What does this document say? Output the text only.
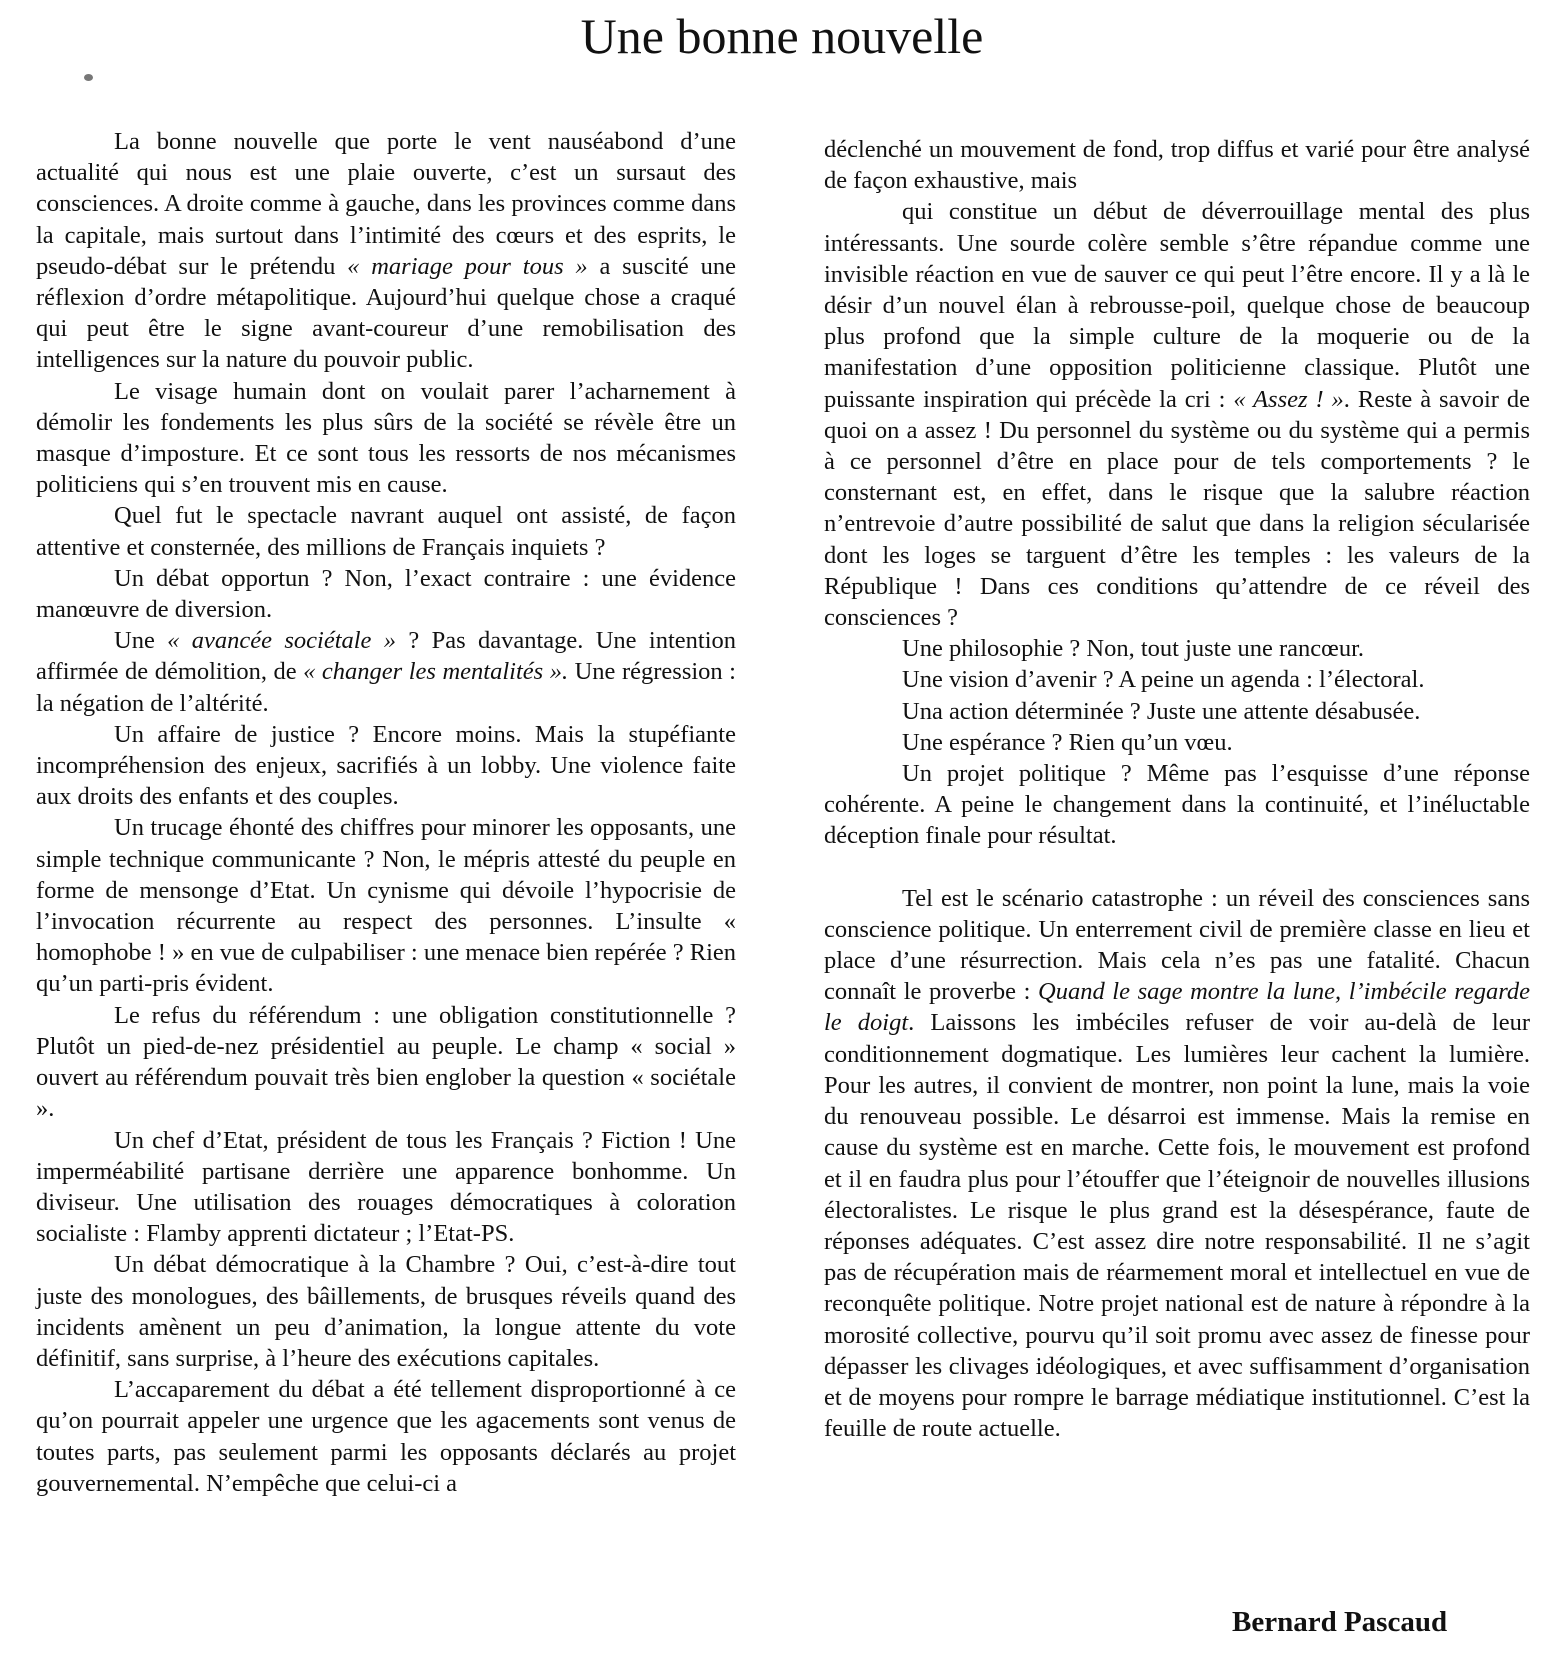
Une bonne nouvelle

La bonne nouvelle que porte le vent nauséabond d’une actualité qui nous est une plaie ouverte, c’est un sursaut des consciences. A droite comme à gauche, dans les provinces comme dans la capitale, mais surtout dans l’intimité des cœurs et des esprits, le pseudo-débat sur le prétendu « mariage pour tous » a suscité une réflexion d’ordre métapolitique. Aujourd’hui quelque chose a craqué qui peut être le signe avant-coureur d’une remobilisation des intelligences sur la nature du pouvoir public.

Le visage humain dont on voulait parer l’acharnement à démolir les fondements les plus sûrs de la société se révèle être un masque d’imposture. Et ce sont tous les ressorts de nos mécanismes politiciens qui s’en trouvent mis en cause.

Quel fut le spectacle navrant auquel ont assisté, de façon attentive et consternée, des millions de Français inquiets ?

Un débat opportun ? Non, l’exact contraire : une évidence manœuvre de diversion.

Une « avancée sociétale » ? Pas davantage. Une intention affirmée de démolition, de « changer les mentalités ». Une régression : la négation de l’altérité.

Un affaire de justice ? Encore moins. Mais la stupéfiante incompréhension des enjeux, sacrifiés à un lobby. Une violence faite aux droits des enfants et des couples.

Un trucage éhonté des chiffres pour minorer les opposants, une simple technique communicante ? Non, le mépris attesté du peuple en forme de mensonge d’Etat. Un cynisme qui dévoile l’hypocrisie de l’invocation récurrente au respect des personnes. L’insulte « homophobe ! » en vue de culpabiliser : une menace bien repérée ? Rien qu’un parti-pris évident.

Le refus du référendum : une obligation constitutionnelle ? Plutôt un pied-de-nez présidentiel au peuple. Le champ « social » ouvert au référendum pouvait très bien englober la question « sociétale ».

Un chef d’Etat, président de tous les Français ? Fiction ! Une imperméabilité partisane derrière une apparence bonhomme. Un diviseur. Une utilisation des rouages démocratiques à coloration socialiste : Flamby apprenti dictateur ; l’Etat-PS.

Un débat démocratique à la Chambre ? Oui, c’est-à-dire tout juste des monologues, des bâillements, de brusques réveils quand des incidents amènent un peu d’animation, la longue attente du vote définitif, sans surprise, à l’heure des exécutions capitales.

L’accaparement du débat a été tellement disproportionné à ce qu’on pourrait appeler une urgence que les agacements sont venus de toutes parts, pas seulement parmi les opposants déclarés au projet gouvernemental. N’empêche que celui-ci a

déclenché un mouvement de fond, trop diffus et varié pour être analysé de façon exhaustive, mais

qui constitue un début de déverrouillage mental des plus intéressants. Une sourde colère semble s’être répandue comme une invisible réaction en vue de sauver ce qui peut l’être encore. Il y a là le désir d’un nouvel élan à rebrousse-poil, quelque chose de beaucoup plus profond que la simple culture de la moquerie ou de la manifestation d’une opposition politicienne classique. Plutôt une puissante inspiration qui précède la cri : « Assez ! ». Reste à savoir de quoi on a assez ! Du personnel du système ou du système qui a permis à ce personnel d’être en place pour de tels comportements ? le consternant est, en effet, dans le risque que la salubre réaction n’entrevoie d’autre possibilité de salut que dans la religion sécularisée dont les loges se targuent d’être les temples : les valeurs de la République ! Dans ces conditions qu’attendre de ce réveil des consciences ?

Une philosophie ? Non, tout juste une rancœur.

Une vision d’avenir ? A peine un agenda : l’électoral.

Una action déterminée ? Juste une attente désabusée.

Une espérance ? Rien qu’un vœu.

Un projet politique ? Même pas l’esquisse d’une réponse cohérente. A peine le changement dans la continuité, et l’inéluctable déception finale pour résultat.

Tel est le scénario catastrophe : un réveil des consciences sans conscience politique. Un enterrement civil de première classe en lieu et place d’une résurrection. Mais cela n’es pas une fatalité. Chacun connaît le proverbe : Quand le sage montre la lune, l’imbécile regarde le doigt. Laissons les imbéciles refuser de voir au-delà de leur conditionnement dogmatique. Les lumières leur cachent la lumière. Pour les autres, il convient de montrer, non point la lune, mais la voie du renouveau possible. Le désarroi est immense. Mais la remise en cause du système est en marche. Cette fois, le mouvement est profond et il en faudra plus pour l’étouffer que l’éteignoir de nouvelles illusions électoralistes. Le risque le plus grand est la désespérance, faute de réponses adéquates. C’est assez dire notre responsabilité. Il ne s’agit pas de récupération mais de réarmement moral et intellectuel en vue de reconquête politique. Notre projet national est de nature à répondre à la morosité collective, pourvu qu’il soit promu avec assez de finesse pour dépasser les clivages idéologiques, et avec suffisamment d’organisation et de moyens pour rompre le barrage médiatique institutionnel. C’est la feuille de route actuelle.

Bernard Pascaud
